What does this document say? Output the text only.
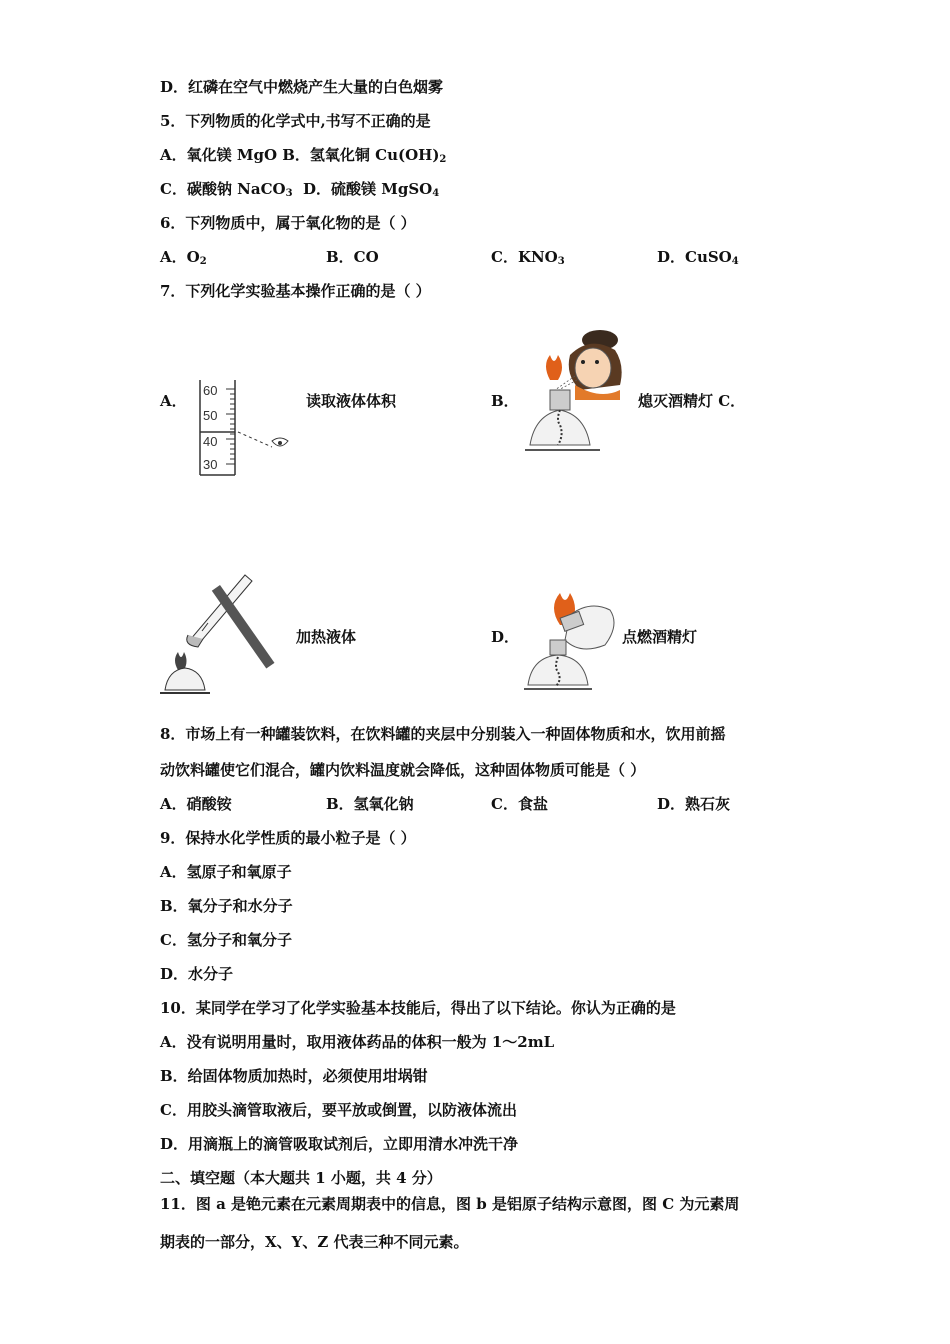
D．红磷在空气中燃烧产生大量的白色烟雾
5．下列物质的化学式中,书写不正确的是
A．氧化镁 MgO B．氢氧化铜 $Cu(OH)_2$
C．碳酸钠 NaCO$_3$ D．硫酸镁 MgSO$_4$
6．下列物质中，属于氧化物的是（ ）
A．$O_2$	B．CO	C．$KNO_3$	D．CuSO$_4$
7．下列化学实验基本操作正确的是（ ）
A．
60
50
40
30
读取液体体积	B．	熄灭酒精灯 C．
加热液体	D．	点燃酒精灯
8．市场上有一种罐装饮料，在饮料罐的夹层中分别装入一种固体物质和水，饮用前摇
动饮料罐使它们混合，罐内饮料温度就会降低，这种固体物质可能是（ ）
A．硝酸铵	B．氢氧化钠	C．食盐	D．熟石灰
9．保持水化学性质的最小粒子是（ ）
A．氢原子和氧原子
B．氧分子和水分子
C．氢分子和氧分子
D．水分子
10．某同学在学习了化学实验基本技能后，得出了以下结论。你认为正确的是
A．没有说明用量时，取用液体药品的体积一般为 1～2mL
B．给固体物质加热时，必须使用坩埚钳
C．用胶头滴管取液后，要平放或倒置，以防液体流出
D．用滴瓶上的滴管吸取试剂后，立即用清水冲洗干净
二、填空题（本大题共 1 小题，共 4 分）
11．图 a 是铯元素在元素周期表中的信息，图 b 是铝原子结构示意图，图 C 为元素周
期表的一部分，X、Y、Z 代表三种不同元素。
